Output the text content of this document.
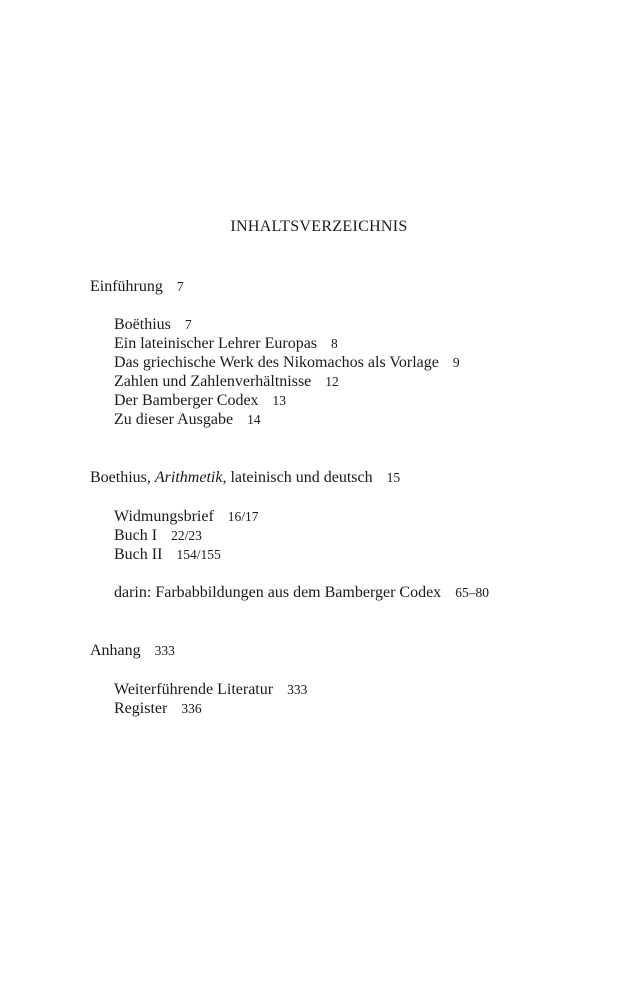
INHALTSVERZEICHNIS
Einführung 7
Boëthius 7
Ein lateinischer Lehrer Europas 8
Das griechische Werk des Nikomachos als Vorlage 9
Zahlen und Zahlenverhältnisse 12
Der Bamberger Codex 13
Zu dieser Ausgabe 14
Boethius, Arithmetik, lateinisch und deutsch 15
Widmungsbrief 16/17
Buch I 22/23
Buch II 154/155
darin: Farbabbildungen aus dem Bamberger Codex 65–80
Anhang 333
Weiterführende Literatur 333
Register 336
